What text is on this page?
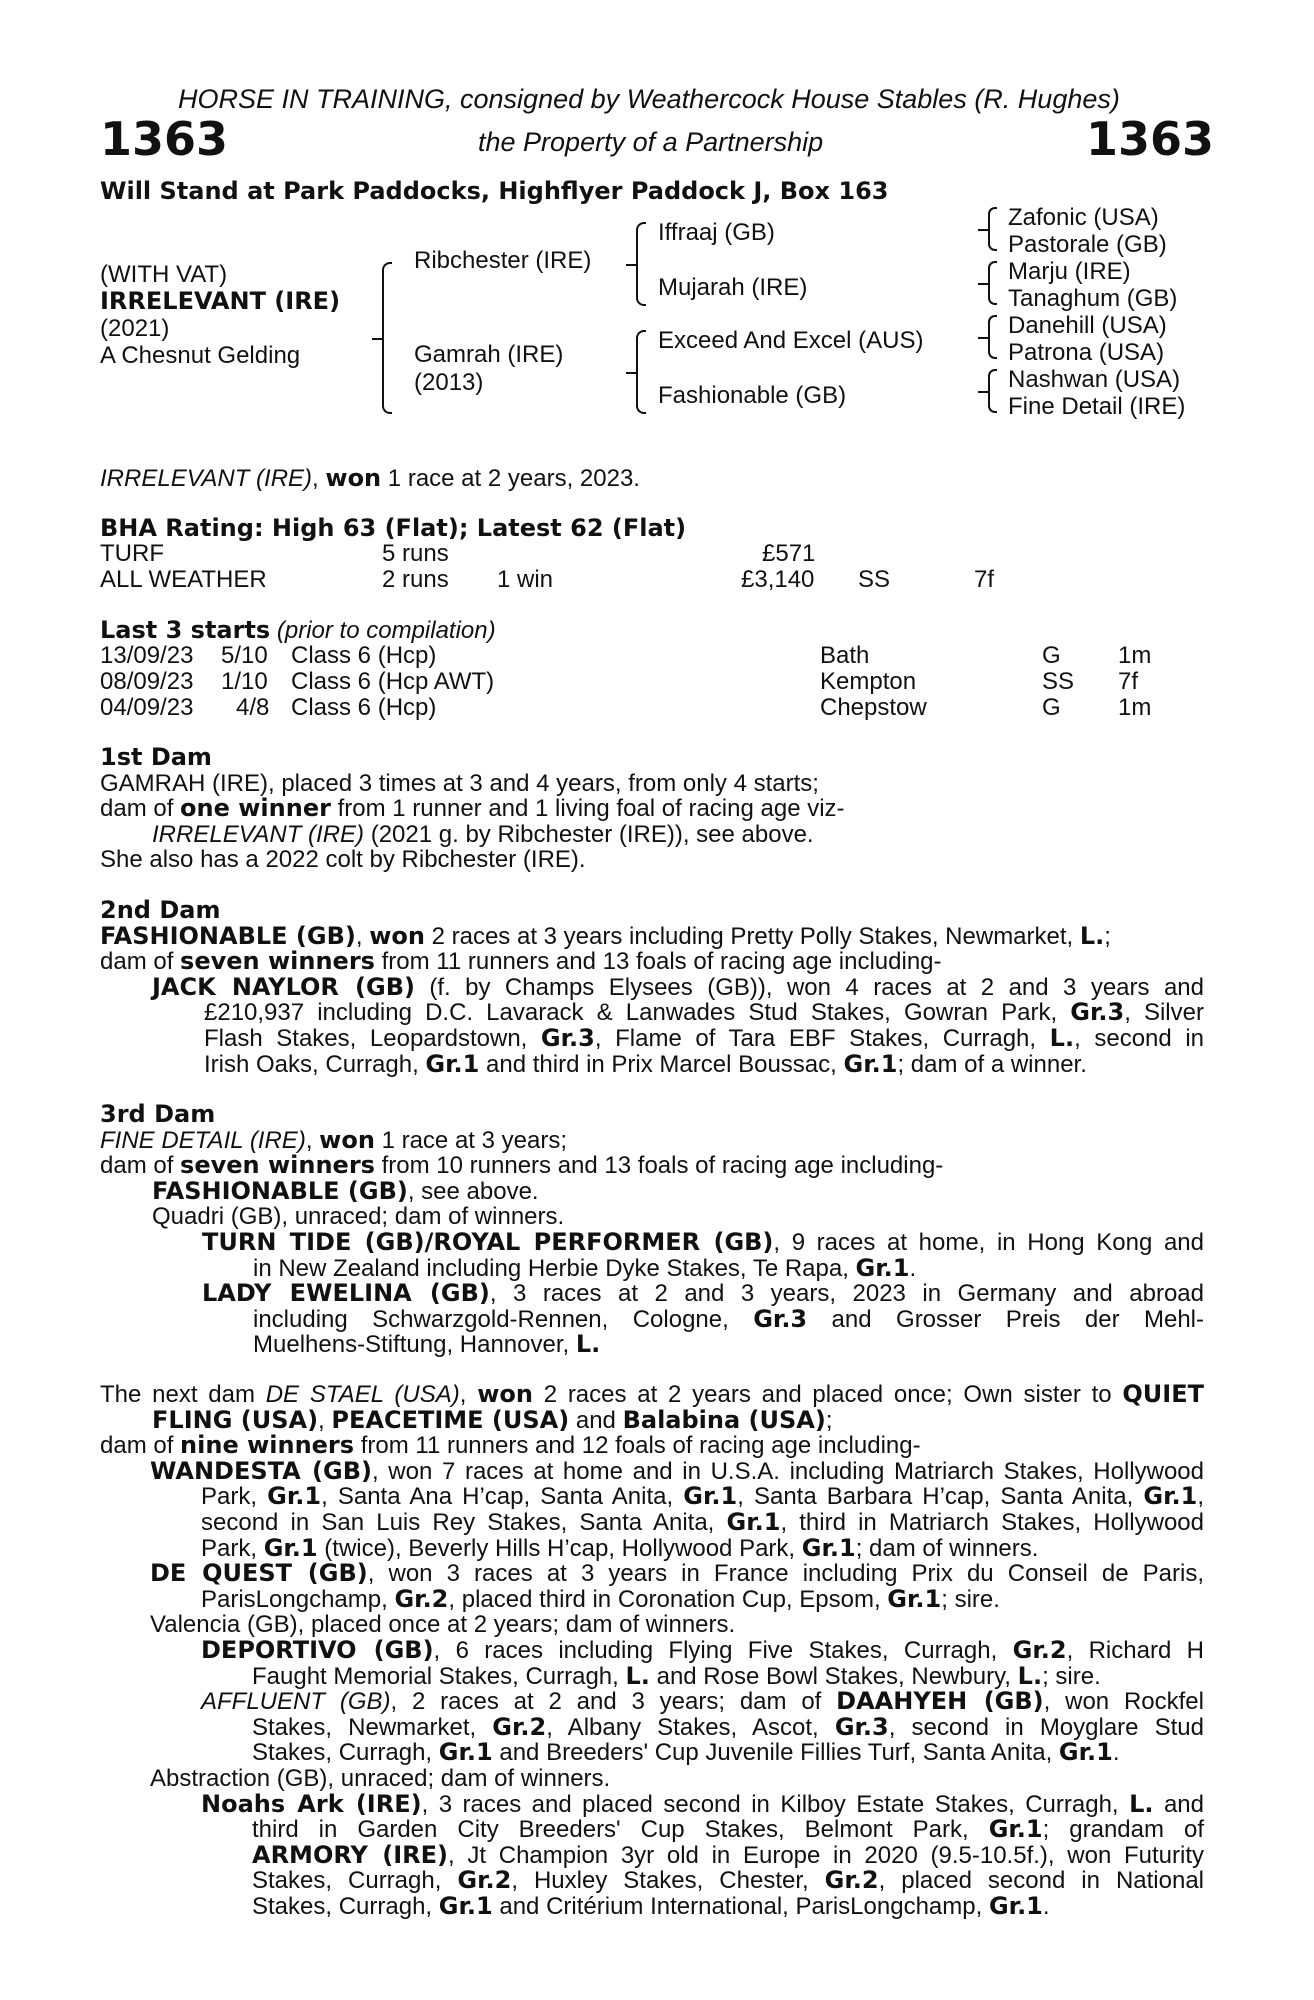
HORSE IN TRAINING, consigned by Weathercock House Stables (R. Hughes)
1363	the Property of a Partnership	1363
Will Stand at Park Paddocks, Highflyer Paddock J, Box 163
(WITH VAT)
IRRELEVANT (IRE)
(2021)
A Chesnut Gelding
Ribchester (IRE)
Gamrah (IRE)
(2013)
Iffraaj (GB)
Mujarah (IRE)
Exceed And Excel (AUS)
Fashionable (GB)
Zafonic (USA)
Pastorale (GB)
Marju (IRE)
Tanaghum (GB)
Danehill (USA)
Patrona (USA)
Nashwan (USA)
Fine Detail (IRE)
IRRELEVANT (IRE), won 1 race at 2 years, 2023.
BHA Rating: High 63 (Flat); Latest 62 (Flat)
TURF	5 runs	£571
ALL WEATHER	2 runs 1 win	£3,140 SS	7f
Last 3 starts (prior to compilation)
13/09/23 5/10 Class 6 (Hcp)	Bath	G 1m
08/09/23 1/10 Class 6 (Hcp AWT)	Kempton	SS 7f
04/09/23 4/8 Class 6 (Hcp)	Chepstow	G 1m
1st Dam
GAMRAH (IRE), placed 3 times at 3 and 4 years, from only 4 starts;
dam of one winner from 1 runner and 1 living foal of racing age viz-
IRRELEVANT (IRE) (2021 g. by Ribchester (IRE)), see above.
She also has a 2022 colt by Ribchester (IRE).
2nd Dam
FASHIONABLE (GB), won 2 races at 3 years including Pretty Polly Stakes, Newmarket, L.;
dam of seven winners from 11 runners and 13 foals of racing age including-
JACK NAYLOR (GB) (f. by Champs Elysees (GB)), won 4 races at 2 and 3 years and
£210,937 including D.C. Lavarack & Lanwades Stud Stakes, Gowran Park, Gr.3, Silver
Flash Stakes, Leopardstown, Gr.3, Flame of Tara EBF Stakes, Curragh, L., second in
Irish Oaks, Curragh, Gr.1 and third in Prix Marcel Boussac, Gr.1; dam of a winner.
3rd Dam
FINE DETAIL (IRE), won 1 race at 3 years;
dam of seven winners from 10 runners and 13 foals of racing age including-
FASHIONABLE (GB), see above.
Quadri (GB), unraced; dam of winners.
TURN TIDE (GB)/ROYAL PERFORMER (GB), 9 races at home, in Hong Kong and
in New Zealand including Herbie Dyke Stakes, Te Rapa, Gr.1.
LADY EWELINA (GB), 3 races at 2 and 3 years, 2023 in Germany and abroad
including Schwarzgold-Rennen, Cologne, Gr.3 and Grosser Preis der Mehl-
Muelhens-Stiftung, Hannover, L.
The next dam DE STAEL (USA), won 2 races at 2 years and placed once; Own sister to QUIET
FLING (USA), PEACETIME (USA) and Balabina (USA);
dam of nine winners from 11 runners and 12 foals of racing age including-
WANDESTA (GB), won 7 races at home and in U.S.A. including Matriarch Stakes, Hollywood
Park, Gr.1, Santa Ana H’cap, Santa Anita, Gr.1, Santa Barbara H’cap, Santa Anita, Gr.1,
second in San Luis Rey Stakes, Santa Anita, Gr.1, third in Matriarch Stakes, Hollywood
Park, Gr.1 (twice), Beverly Hills H’cap, Hollywood Park, Gr.1; dam of winners.
DE QUEST (GB), won 3 races at 3 years in France including Prix du Conseil de Paris,
ParisLongchamp, Gr.2, placed third in Coronation Cup, Epsom, Gr.1; sire.
Valencia (GB), placed once at 2 years; dam of winners.
DEPORTIVO (GB), 6 races including Flying Five Stakes, Curragh, Gr.2, Richard H
Faught Memorial Stakes, Curragh, L. and Rose Bowl Stakes, Newbury, L.; sire.
AFFLUENT (GB), 2 races at 2 and 3 years; dam of DAAHYEH (GB), won Rockfel
Stakes, Newmarket, Gr.2, Albany Stakes, Ascot, Gr.3, second in Moyglare Stud
Stakes, Curragh, Gr.1 and Breeders' Cup Juvenile Fillies Turf, Santa Anita, Gr.1.
Abstraction (GB), unraced; dam of winners.
Noahs Ark (IRE), 3 races and placed second in Kilboy Estate Stakes, Curragh, L. and
third in Garden City Breeders' Cup Stakes, Belmont Park, Gr.1; grandam of
ARMORY (IRE), Jt Champion 3yr old in Europe in 2020 (9.5-10.5f.), won Futurity
Stakes, Curragh, Gr.2, Huxley Stakes, Chester, Gr.2, placed second in National
Stakes, Curragh, Gr.1 and Critérium International, ParisLongchamp, Gr.1.
